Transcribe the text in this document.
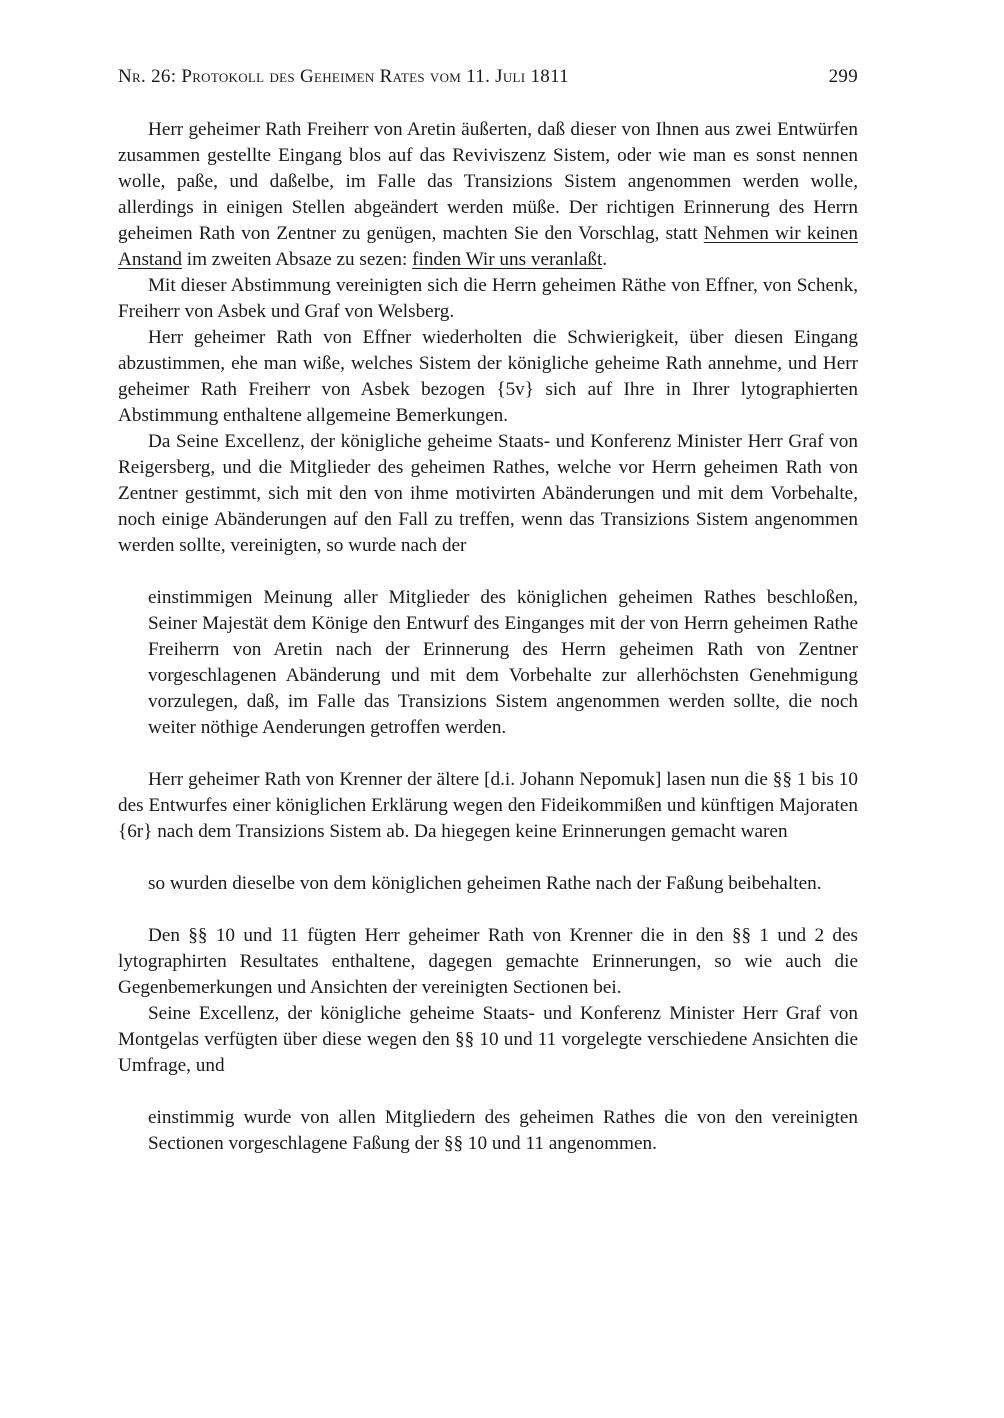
Nr. 26: Protokoll des Geheimen Rates vom 11. Juli 1811	299

Herr geheimer Rath Freiherr von Aretin äußerten, daß dieser von Ihnen aus zwei Entwürfen zusammen gestellte Eingang blos auf das Reviviszenz Sistem, oder wie man es sonst nennen wolle, paße, und daßelbe, im Falle das Transizions Sistem angenommen werden wolle, allerdings in einigen Stellen abgeändert werden müße. Der richtigen Erinnerung des Herrn geheimen Rath von Zentner zu genügen, machten Sie den Vorschlag, statt Nehmen wir keinen Anstand im zweiten Absaze zu sezen: finden Wir uns veranlaßt.

Mit dieser Abstimmung vereinigten sich die Herrn geheimen Räthe von Effner, von Schenk, Freiherr von Asbek und Graf von Welsberg.

Herr geheimer Rath von Effner wiederholten die Schwierigkeit, über diesen Eingang abzustimmen, ehe man wiße, welches Sistem der königliche geheime Rath annehme, und Herr geheimer Rath Freiherr von Asbek bezogen {5v} sich auf Ihre in Ihrer lytographierten Abstimmung enthaltene allgemeine Bemerkungen.

Da Seine Excellenz, der königliche geheime Staats- und Konferenz Minister Herr Graf von Reigersberg, und die Mitglieder des geheimen Rathes, welche vor Herrn geheimen Rath von Zentner gestimmt, sich mit den von ihme motivirten Abänderungen und mit dem Vorbehalte, noch einige Abänderungen auf den Fall zu treffen, wenn das Transizions Sistem angenommen werden sollte, vereinigten, so wurde nach der

einstimmigen Meinung aller Mitglieder des königlichen geheimen Rathes beschloßen, Seiner Majestät dem Könige den Entwurf des Einganges mit der von Herrn geheimen Rathe Freiherrn von Aretin nach der Erinnerung des Herrn geheimen Rath von Zentner vorgeschlagenen Abänderung und mit dem Vorbehalte zur allerhöchsten Genehmigung vorzulegen, daß, im Falle das Transizions Sistem angenommen werden sollte, die noch weiter nöthige Aenderungen getroffen werden.

Herr geheimer Rath von Krenner der ältere [d.i. Johann Nepomuk] lasen nun die §§ 1 bis 10 des Entwurfes einer königlichen Erklärung wegen den Fideikommißen und künftigen Majoraten {6r} nach dem Transizions Sistem ab. Da hiegegen keine Erinnerungen gemacht waren

so wurden dieselbe von dem königlichen geheimen Rathe nach der Faßung beibehalten.

Den §§ 10 und 11 fügten Herr geheimer Rath von Krenner die in den §§ 1 und 2 des lytographirten Resultates enthaltene, dagegen gemachte Erinnerungen, so wie auch die Gegenbemerkungen und Ansichten der vereinigten Sectionen bei.

Seine Excellenz, der königliche geheime Staats- und Konferenz Minister Herr Graf von Montgelas verfügten über diese wegen den §§ 10 und 11 vorgelegte verschiedene Ansichten die Umfrage, und

einstimmig wurde von allen Mitgliedern des geheimen Rathes die von den vereinigten Sectionen vorgeschlagene Faßung der §§ 10 und 11 angenommen.
